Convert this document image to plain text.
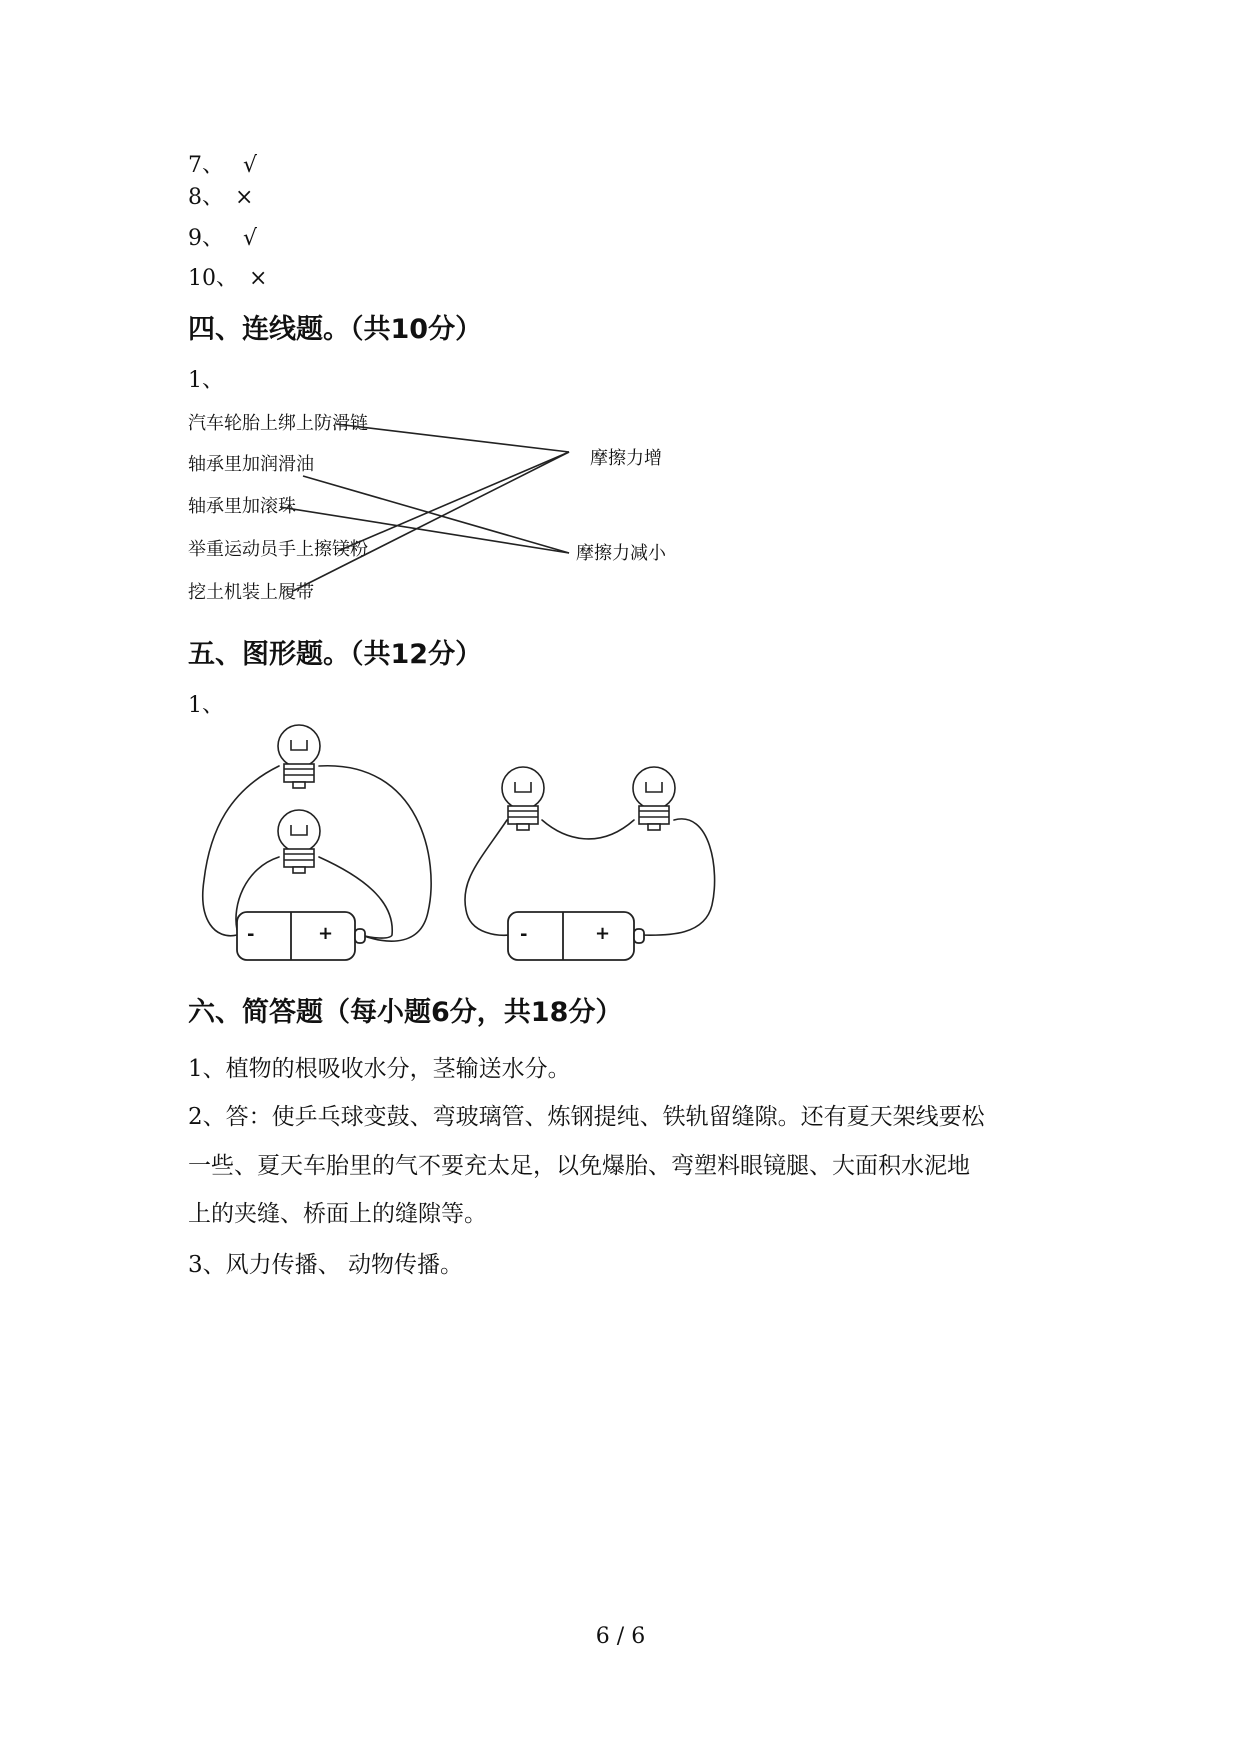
7、 √
8、 ×
9、 √
10、 ×
四、连线题。（共10分）
1、
汽车轮胎上绑上防滑链
轴承里加润滑油
轴承里加滚珠
举重运动员手上擦镁粉
挖土机装上履带
摩擦力增
摩擦力减小
五、图形题。（共12分）
1、
-	+	-	+
六、简答题（每小题6分，共18分）
1、植物的根吸收水分，茎输送水分。
2、答：使乒乓球变鼓、弯玻璃管、炼钢提纯、铁轨留缝隙。还有夏天架线要松
一些、夏天车胎里的气不要充太足，以免爆胎、弯塑料眼镜腿、大面积水泥地
上的夹缝、桥面上的缝隙等。
3、风力传播、 动物传播。
6 / 6
